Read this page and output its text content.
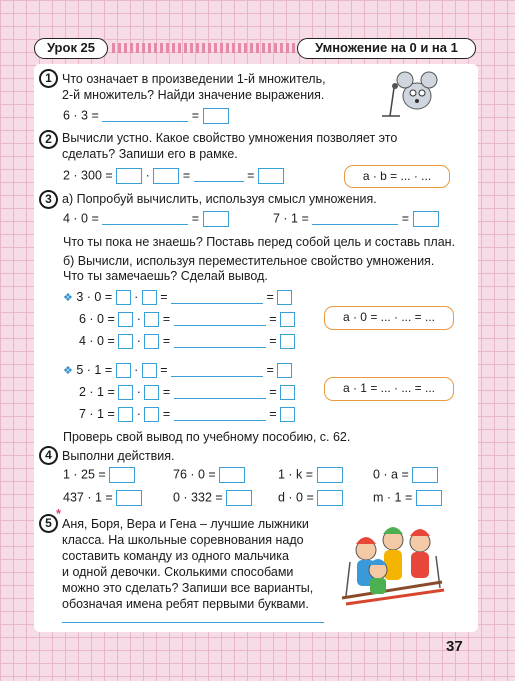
Урок 25	Умножение на 0 и на 1
1 Что означает в произведении 1-й множитель,
2-й множитель? Найди значение выражения.
6 · 3 =	=
2 Вычисли устно. Какое свойство умножения позволяет это
сделать? Запиши его в рамке.
2 · 300 =	·	=	=	a · b = ... · ...
3 а) Попробуй вычислить, используя смысл умножения.
4 · 0 =	=	7 · 1 =	=
Что ты пока не знаешь? Поставь перед собой цель и составь план.
б) Вычисли, используя переместительное свойство умножения.
Что ты замечаешь? Сделай вывод.
❖ 3 · 0 = · =	=
6 · 0 = · =	=
4 · 0 = · =	=
a · 0 = ... · ... = ...
❖ 5 · 1 = · =	=
2 · 1 = · =	=
7 · 1 = · =	=
a · 1 = ... · ... = ...
Проверь свой вывод по учебному пособию, с. 62.
4 Выполни действия.
1 · 25 =	76 · 0 =	1 · k =	0 · a =
437 · 1 =	0 · 332 =	d · 0 =	m · 1 =
5
*
Аня, Боря, Вера и Гена – лучшие лыжники
класса. На школьные соревнования надо
составить команду из одного мальчика
и одной девочки. Сколькими способами
можно это сделать? Запиши все варианты,
обозначая имена ребят первыми буквами.
37
